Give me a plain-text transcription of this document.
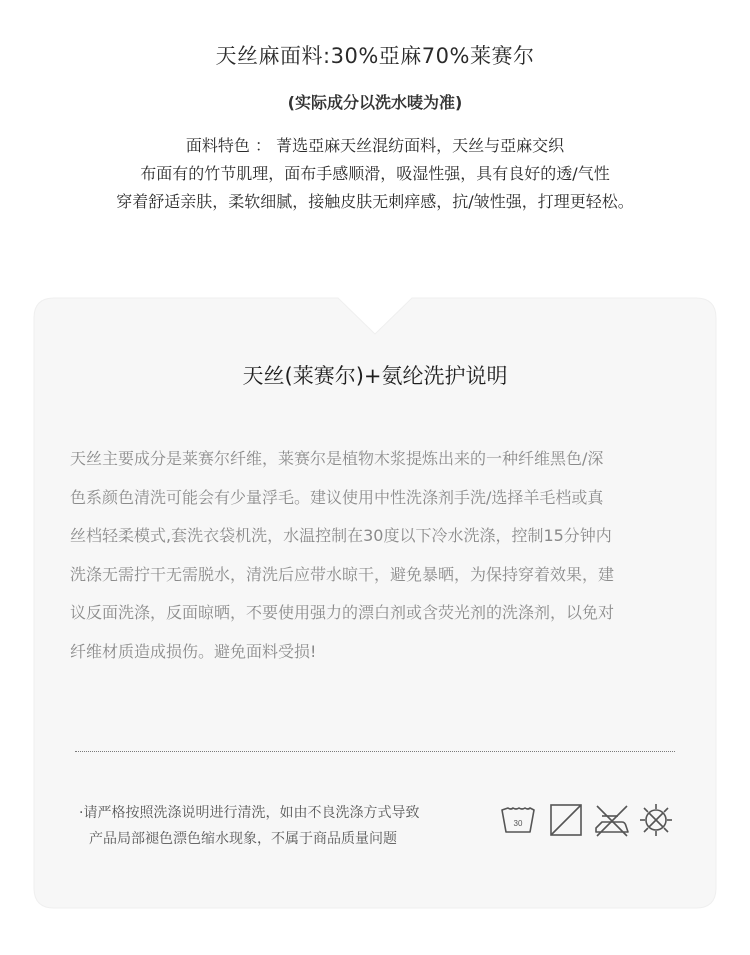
天丝麻面料:30%亞麻70%莱赛尔
(实际成分以洗水唛为准)
面料特色 ： 菁选亞麻天丝混纺面料，天丝与亞麻交织
布面有的竹节肌理，面布手感顺滑，吸湿性强，具有良好的透/气性
穿着舒适亲肤，柔软细腻，接触皮肤无刺痒感，抗/皱性强，打理更轻松。
天丝(莱赛尔)+氨纶洗护说明
天丝主要成分是莱赛尔纤维，莱赛尔是植物木浆提炼出来的一种纤维黑色/深
色系颜色清洗可能会有少量浮毛。建议使用中性洗涤剂手洗/选择羊毛档或真
丝档轻柔模式,套洗衣袋机洗，水温控制在30度以下冷水洗涤，控制15分钟内
洗涤无需拧干无需脱水，清洗后应带水晾干，避免暴晒，为保持穿着效果，建
议反面洗涤，反面晾晒，不要使用强力的漂白剂或含荧光剂的洗涤剂，以免对
纤维材质造成损伤。避免面料受损!
·请严格按照洗涤说明进行清洗，如由不良洗涤方式导致
产品局部褪色漂色缩水现象，不属于商品质量问题
30
